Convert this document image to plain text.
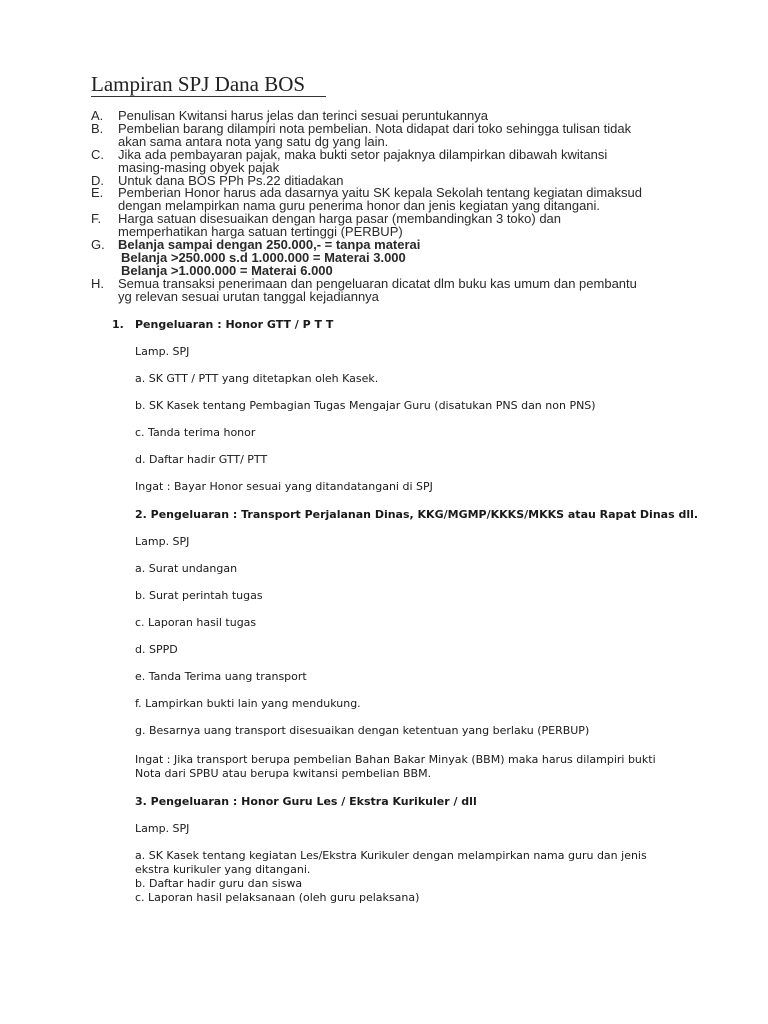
Lampiran SPJ Dana BOS
A.	Penulisan Kwitansi harus jelas dan terinci sesuai peruntukannya
B.	Pembelian barang dilampiri nota pembelian. Nota didapat dari toko sehingga tulisan tidak
akan sama antara nota yang satu dg yang lain.
C.	Jika ada pembayaran pajak, maka bukti setor pajaknya dilampirkan dibawah kwitansi
masing-masing obyek pajak
D.	Untuk dana BOS PPh Ps.22 ditiadakan
E.	Pemberian Honor harus ada dasarnya yaitu SK kepala Sekolah tentang kegiatan dimaksud
dengan melampirkan nama guru penerima honor dan jenis kegiatan yang ditangani.
F.	Harga satuan disesuaikan dengan harga pasar (membandingkan 3 toko) dan
memperhatikan harga satuan tertinggi (PERBUP)
G.	Belanja sampai dengan 250.000,- = tanpa materai
Belanja >250.000 s.d 1.000.000 = Materai 3.000
Belanja >1.000.000 = Materai 6.000
H.	Semua transaksi penerimaan dan pengeluaran dicatat dlm buku kas umum dan pembantu
yg relevan sesuai urutan tanggal kejadiannya
1. Pengeluaran : Honor GTT / P T T
Lamp. SPJ
a. SK GTT / PTT yang ditetapkan oleh Kasek.
b. SK Kasek tentang Pembagian Tugas Mengajar Guru (disatukan PNS dan non PNS)
c. Tanda terima honor
d. Daftar hadir GTT/ PTT
Ingat : Bayar Honor sesuai yang ditandatangani di SPJ
2. Pengeluaran : Transport Perjalanan Dinas, KKG/MGMP/KKKS/MKKS atau Rapat Dinas dll.
Lamp. SPJ
a. Surat undangan
b. Surat perintah tugas
c. Laporan hasil tugas
d. SPPD
e. Tanda Terima uang transport
f. Lampirkan bukti lain yang mendukung.
g. Besarnya uang transport disesuaikan dengan ketentuan yang berlaku (PERBUP)
Ingat : Jika transport berupa pembelian Bahan Bakar Minyak (BBM) maka harus dilampiri bukti
Nota dari SPBU atau berupa kwitansi pembelian BBM.
3. Pengeluaran : Honor Guru Les / Ekstra Kurikuler / dll
Lamp. SPJ
a. SK Kasek tentang kegiatan Les/Ekstra Kurikuler dengan melampirkan nama guru dan jenis
ekstra kurikuler yang ditangani.
b. Daftar hadir guru dan siswa
c. Laporan hasil pelaksanaan (oleh guru pelaksana)
